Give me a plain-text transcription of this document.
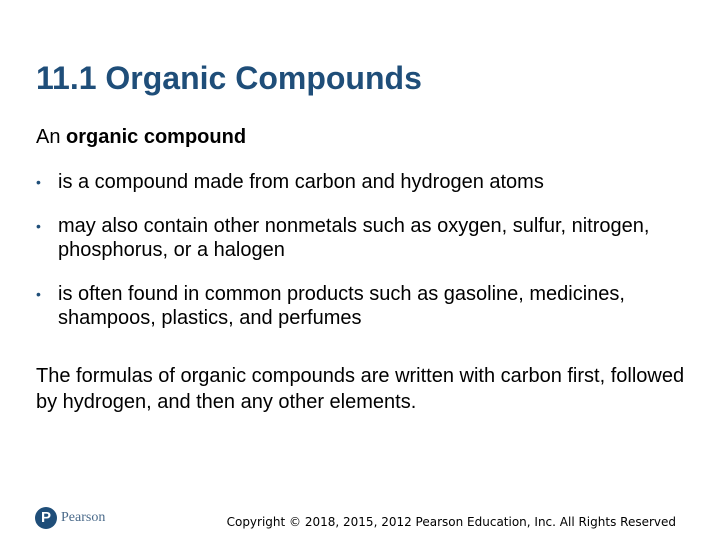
11.1 Organic Compounds
An organic compound
• is a compound made from carbon and hydrogen atoms
• may also contain other nonmetals such as oxygen, sulfur, nitrogen, phosphorus, or a halogen
• is often found in common products such as gasoline, medicines, shampoos, plastics, and perfumes
The formulas of organic compounds are written with carbon first, followed by hydrogen, and then any other elements.
P Pearson	Copyright © 2018, 2015, 2012 Pearson Education, Inc. All Rights Reserved
